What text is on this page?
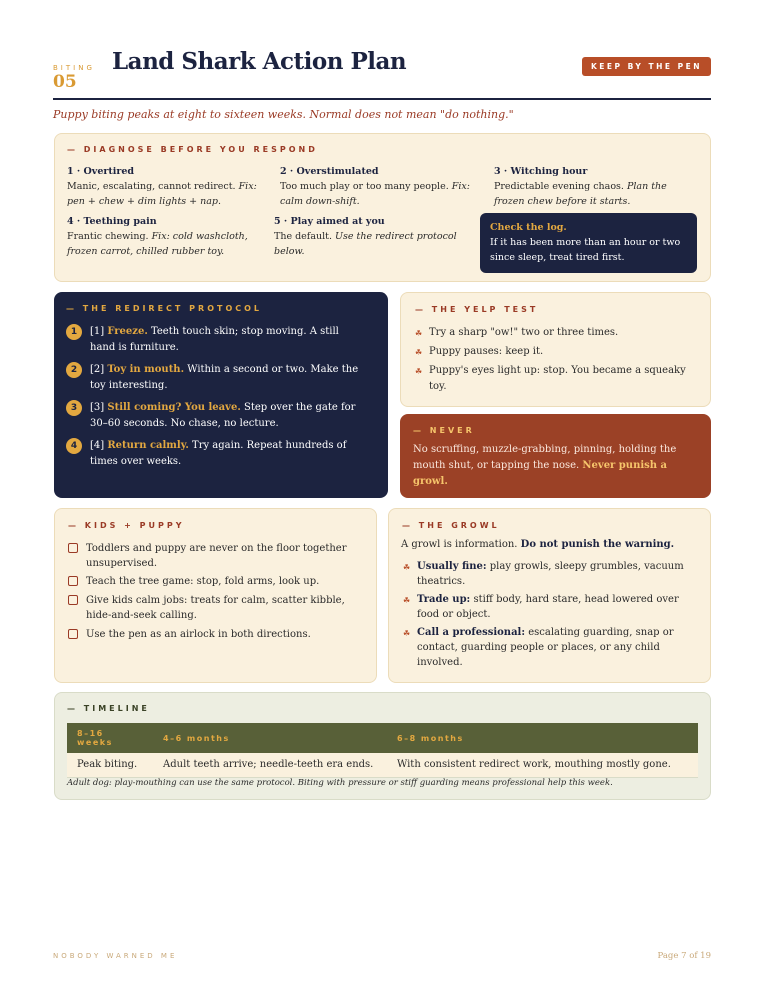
BITING
05
Land Shark Action Plan	KEEP BY THE PEN
Puppy biting peaks at eight to sixteen weeks. Normal does not mean "do nothing."
— DIAGNOSE BEFORE YOU RESPOND
1 · Overtired
Manic, escalating, cannot redirect. Fix: pen + chew + dim lights + nap.
2 · Overstimulated
Too much play or too many people. Fix: calm down-shift.
3 · Witching hour
Predictable evening chaos. Plan the frozen chew before it starts.
4 · Teething pain
Frantic chewing. Fix: cold washcloth, frozen carrot, chilled rubber toy.
5 · Play aimed at you
The default. Use the redirect protocol below.
Check the log.
If it has been more than an hour or two since sleep, treat tired first.
— THE REDIRECT PROTOCOL
1	[1] Freeze. Teeth touch skin; stop moving. A still hand is furniture.
2	[2] Toy in mouth. Within a second or two. Make the toy interesting.
3	[3] Still coming? You leave. Step over the gate for 30–60 seconds. No chase, no lecture.
4	[4] Return calmly. Try again. Repeat hundreds of times over weeks.
— THE YELP TEST
☘ Try a sharp "ow!" two or three times.
☘ Puppy pauses: keep it.
☘ Puppy's eyes light up: stop. You became a squeaky toy.
— NEVER
No scruffing, muzzle-grabbing, pinning, holding the mouth shut, or tapping the nose. Never punish a growl.
— KIDS + PUPPY
Toddlers and puppy are never on the floor together unsupervised.
Teach the tree game: stop, fold arms, look up.
Give kids calm jobs: treats for calm, scatter kibble, hide-and-seek calling.
Use the pen as an airlock in both directions.
— THE GROWL
A growl is information. Do not punish the warning.
☘ Usually fine: play growls, sleepy grumbles, vacuum theatrics.
☘ Trade up: stiff body, hard stare, head lowered over food or object.
☘ Call a professional: escalating guarding, snap or contact, guarding people or places, or any child involved.
— TIMELINE
8–16 weeks	4–6 months	6–8 months
Peak biting.	Adult teeth arrive; needle-teeth era ends.	With consistent redirect work, mouthing mostly gone.
Adult dog: play-mouthing can use the same protocol. Biting with pressure or stiff guarding means professional help this week.
NOBODY WARNED ME	Page 7 of 19
